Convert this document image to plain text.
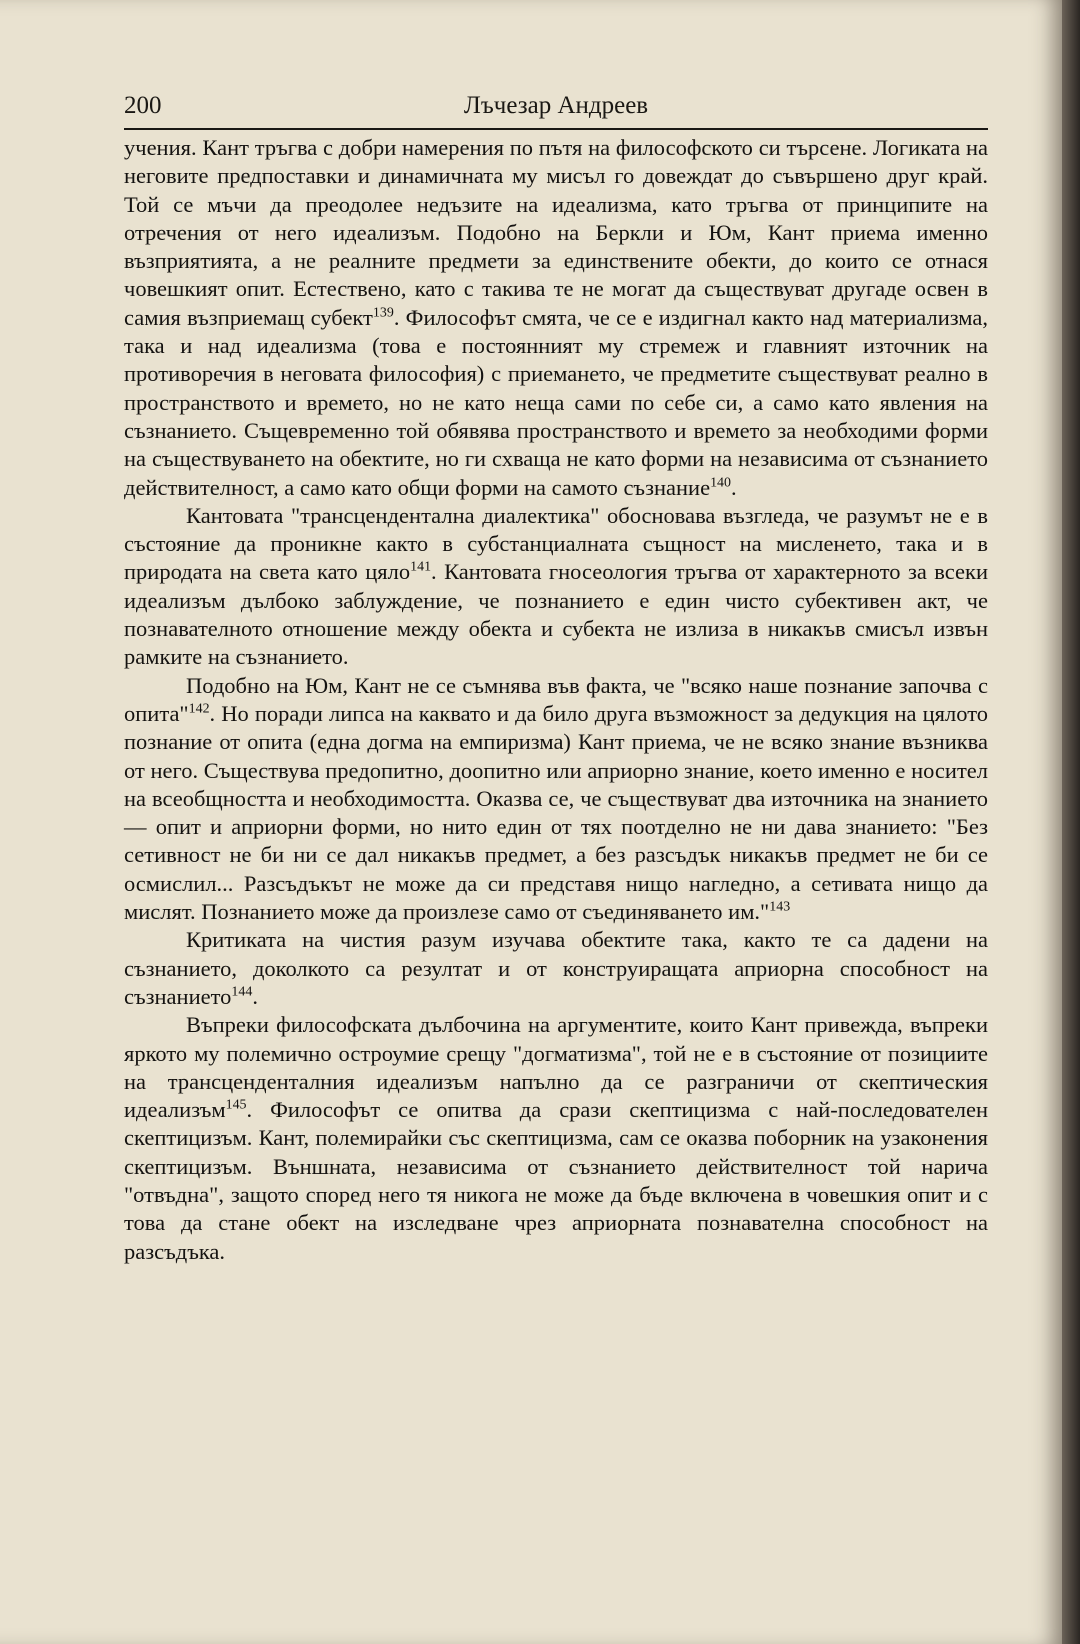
200	Лъчезар Андреев

учения. Кант тръгва с добри намерения по пътя на философското си търсене. Логиката на неговите предпоставки и динамичната му мисъл го довеждат до съвършено друг край. Той се мъчи да преодолее недъзите на идеализма, като тръгва от принципите на отречения от него идеализъм. Подобно на Беркли и Юм, Кант приема именно възприятията, а не реалните предмети за единствените обекти, до които се отнася човешкият опит. Естествено, като с такива те не могат да съществуват другаде освен в самия възприемащ субект$^{139}$. Философът смята, че се е издигнал както над материализма, така и над идеализма (това е постоянният му стремеж и главният източник на противоречия в неговата философия) с приемането, че предметите съществуват реално в пространството и времето, но не като неща сами по себе си, а само като явления на съзнанието. Същевременно той обявява пространството и времето за необходими форми на съществуването на обектите, но ги схваща не като форми на независима от съзнанието действителност, а само като общи форми на самото съзнание$^{140}$.

Кантовата "трансцендентална диалектика" обосновава възгледа, че разумът не е в състояние да проникне както в субстанциалната същност на мисленето, така и в природата на света като цяло$^{141}$. Кантовата гносеология тръгва от характерното за всеки идеализъм дълбоко заблуждение, че познанието е един чисто субективен акт, че познавателното отношение между обекта и субекта не излиза в никакъв смисъл извън рамките на съзнанието.

Подобно на Юм, Кант не се съмнява във факта, че "всяко наше познание започва с опита"$^{142}$. Но поради липса на каквато и да било друга възможност за дедукция на цялото познание от опита (една догма на емпиризма) Кант приема, че не всяко знание възниква от него. Съществува предопитно, доопитно или априорно знание, което именно е носител на всеобщността и необходимостта. Оказва се, че съществуват два източника на знанието — опит и априорни форми, но нито един от тях поотделно не ни дава знанието: "Без сетивност не би ни се дал никакъв предмет, а без разсъдък никакъв предмет не би се осмислил... Разсъдъкът не може да си представя нищо нагледно, а сетивата нищо да мислят. Познанието може да произлезе само от съединяването им."$^{143}$

Критиката на чистия разум изучава обектите така, както те са дадени на съзнанието, доколкото са резултат и от конструиращата априорна способност на съзнанието$^{144}$.

Въпреки философската дълбочина на аргументите, които Кант привежда, въпреки яркото му полемично остроумие срещу "догматизма", той не е в състояние от позициите на трансценденталния идеализъм напълно да се разграничи от скептическия идеализъм$^{145}$. Философът се опитва да срази скептицизма с най-последователен скептицизъм. Кант, полемирайки със скептицизма, сам се оказва поборник на узаконения скептицизъм. Външната, независима от съзнанието действителност той нарича "отвъдна", защото според него тя никога не може да бъде включена в човешкия опит и с това да стане обект на изследване чрез априорната познавателна способност на разсъдъка.
